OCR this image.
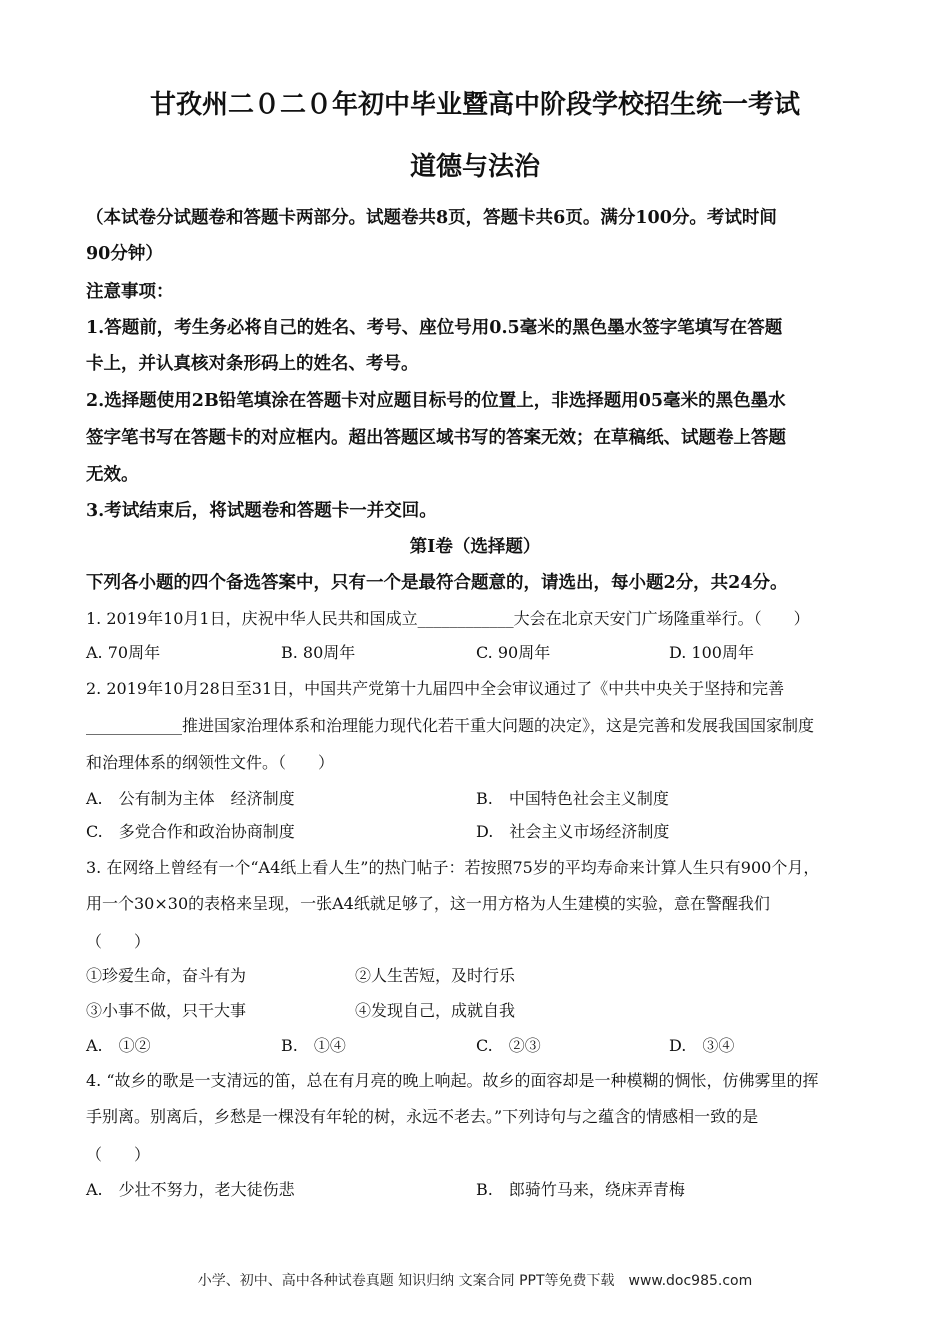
甘孜州二０二０年初中毕业暨高中阶段学校招生统一考试
道德与法治
（本试卷分试题卷和答题卡两部分。试题卷共8页，答题卡共6页。满分100分。考试时间
90分钟）
注意事项：
1.答题前，考生务必将自己的姓名、考号、座位号用0.5毫米的黑色墨水签字笔填写在答题
卡上，并认真核对条形码上的姓名、考号。
2.选择题使用2B铅笔填涂在答题卡对应题目标号的位置上，非选择题用05毫米的黑色墨水
签字笔书写在答题卡的对应框内。超出答题区域书写的答案无效；在草稿纸、试题卷上答题
无效。
3.考试结束后，将试题卷和答题卡一并交回。
第Ⅰ卷（选择题）
下列各小题的四个备选答案中，只有一个是最符合题意的，请选出，每小题2分，共24分。
1. 2019年10月1日，庆祝中华人民共和国成立____________大会在北京天安门广场隆重举行。（　　）
A. 70周年	B. 80周年	C. 90周年	D. 100周年
2. 2019年10月28日至31日，中国共产党第十九届四中全会审议通过了《中共中央关于坚持和完善
____________推进国家治理体系和治理能力现代化若干重大问题的决定》，这是完善和发展我国国家制度
和治理体系的纲领性文件。（　　）
A.　公有制为主体　经济制度	B.　中国特色社会主义制度
C.　多党合作和政治协商制度	D.　社会主义市场经济制度
3. 在网络上曾经有一个“A4纸上看人生”的热门帖子：若按照75岁的平均寿命来计算人生只有900个月，
用一个30×30的表格来呈现，一张A4纸就足够了，这一用方格为人生建模的实验，意在警醒我们
（　　）
①珍爱生命，奋斗有为	②人生苦短，及时行乐
③小事不做，只干大事	④发现自己，成就自我
A.　①②	B.　①④	C.　②③	D.　③④
4. “故乡的歌是一支清远的笛，总在有月亮的晚上响起。故乡的面容却是一种模糊的惆怅，仿佛雾里的挥
手别离。别离后，乡愁是一棵没有年轮的树，永远不老去。”下列诗句与之蕴含的情感相一致的是
（　　）
A.　少壮不努力，老大徒伤悲	B.　郎骑竹马来，绕床弄青梅
小学、初中、高中各种试卷真题 知识归纳 文案合同 PPT等免费下载　www.doc985.com
